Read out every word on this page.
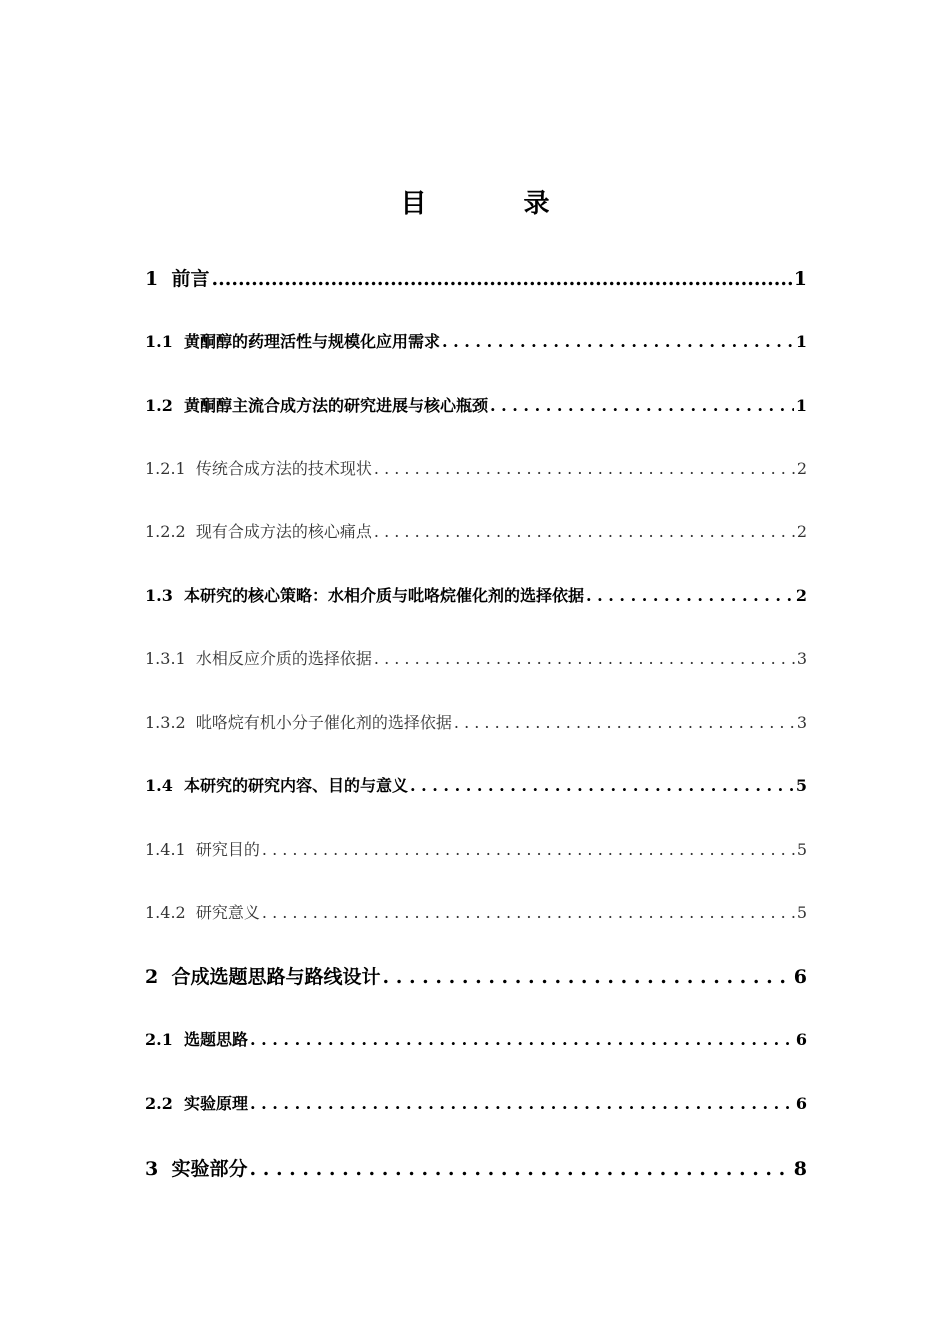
目 录
1 前言 .....	1
1.1 黄酮醇的药理活性与规模化应用需求 . . .	1
1.2 黄酮醇主流合成方法的研究进展与核心瓶颈 . . .	1
1.2.1 传统合成方法的技术现状 . . .	2
1.2.2 现有合成方法的核心痛点 . . .	2
1.3 本研究的核心策略：水相介质与吡咯烷催化剂的选择依据 . . .	2
1.3.1 水相反应介质的选择依据 . . .	3
1.3.2 吡咯烷有机小分子催化剂的选择依据 . . .	3
1.4 本研究的研究内容、目的与意义 . . .	5
1.4.1 研究目的 . . .	5
1.4.2 研究意义 . . .	5
2 合成选题思路与路线设计 . . .	6
2.1 选题思路 . . .	6
2.2 实验原理 . . .	6
3 实验部分 . . .	8
